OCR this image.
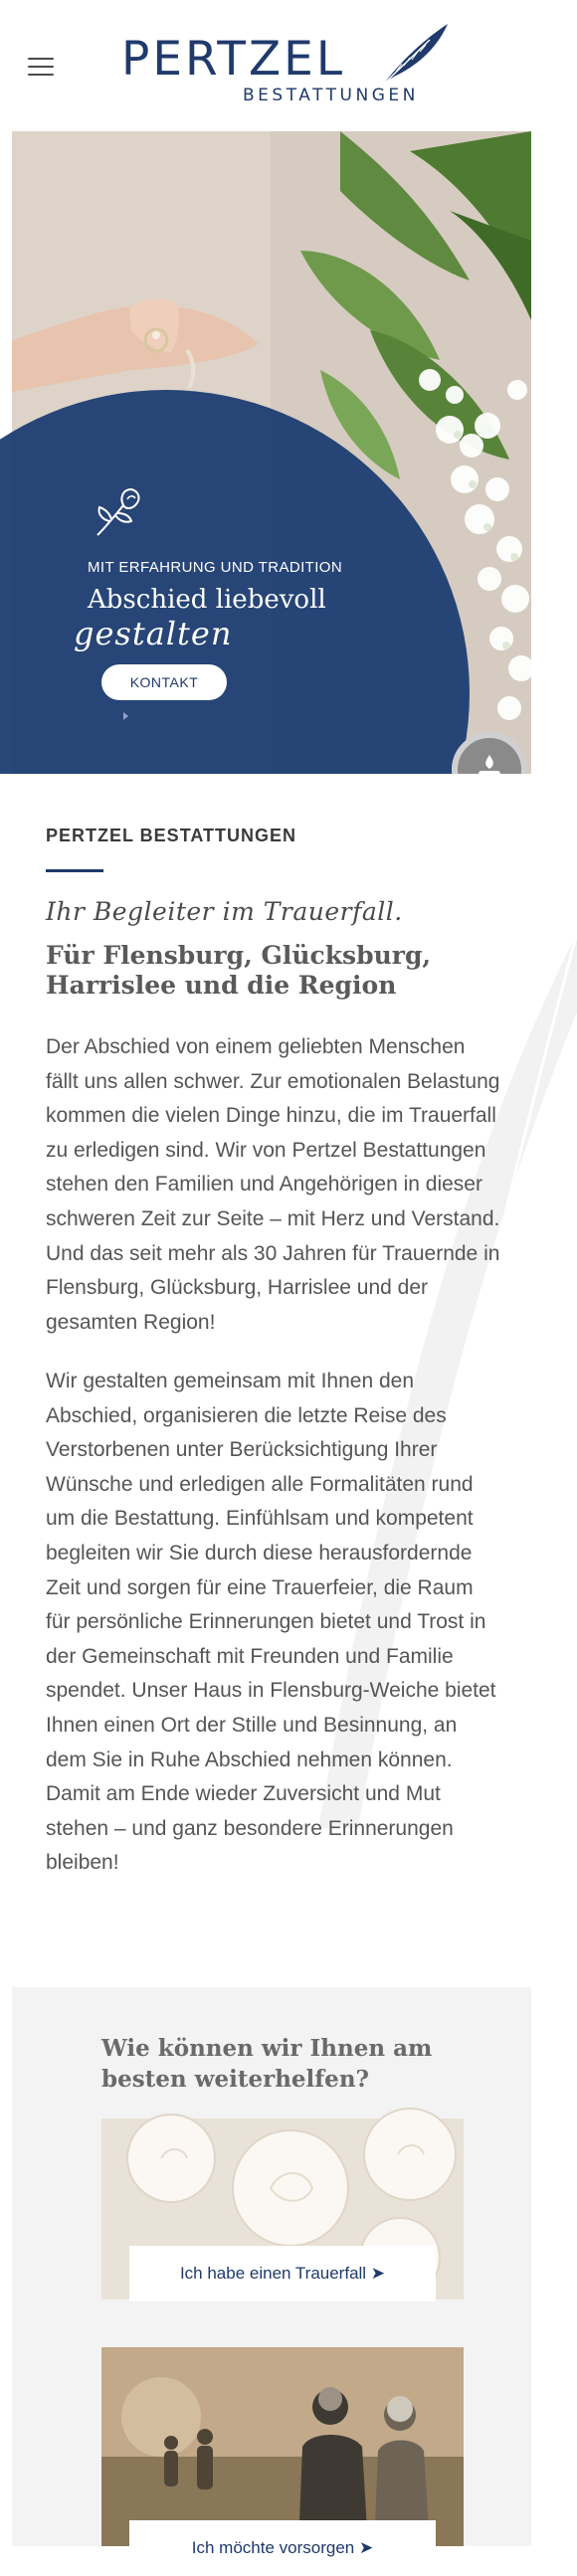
PERTZEL
BESTATTUNGEN
MIT ERFAHRUNG UND TRADITION
Abschied liebevoll
gestalten
KONTAKT
PERTZEL BESTATTUNGEN
Ihr Begleiter im Trauerfall.
Für Flensburg, Glücksburg, Harrislee und die Region

Der Abschied von einem geliebten Menschen fällt uns allen schwer. Zur emotionalen Belastung kommen die vielen Dinge hinzu, die im Trauerfall zu erledigen sind. Wir von Pertzel Bestattungen stehen den Familien und Angehörigen in dieser schweren Zeit zur Seite – mit Herz und Verstand. Und das seit mehr als 30 Jahren für Trauernde in Flensburg, Glücksburg, Harrislee und der gesamten Region!

Wir gestalten gemeinsam mit Ihnen den Abschied, organisieren die letzte Reise des Verstorbenen unter Berücksichtigung Ihrer Wünsche und erledigen alle Formalitäten rund um die Bestattung. Einfühlsam und kompetent begleiten wir Sie durch diese herausfordernde Zeit und sorgen für eine Trauerfeier, die Raum für persönliche Erinnerungen bietet und Trost in der Gemeinschaft mit Freunden und Familie spendet. Unser Haus in Flensburg-Weiche bietet Ihnen einen Ort der Stille und Besinnung, an dem Sie in Ruhe Abschied nehmen können. Damit am Ende wieder Zuversicht und Mut stehen – und ganz besondere Erinnerungen bleiben!

Wie können wir Ihnen am besten weiterhelfen?
Ich habe einen Trauerfall ➤
Ich möchte vorsorgen ➤
